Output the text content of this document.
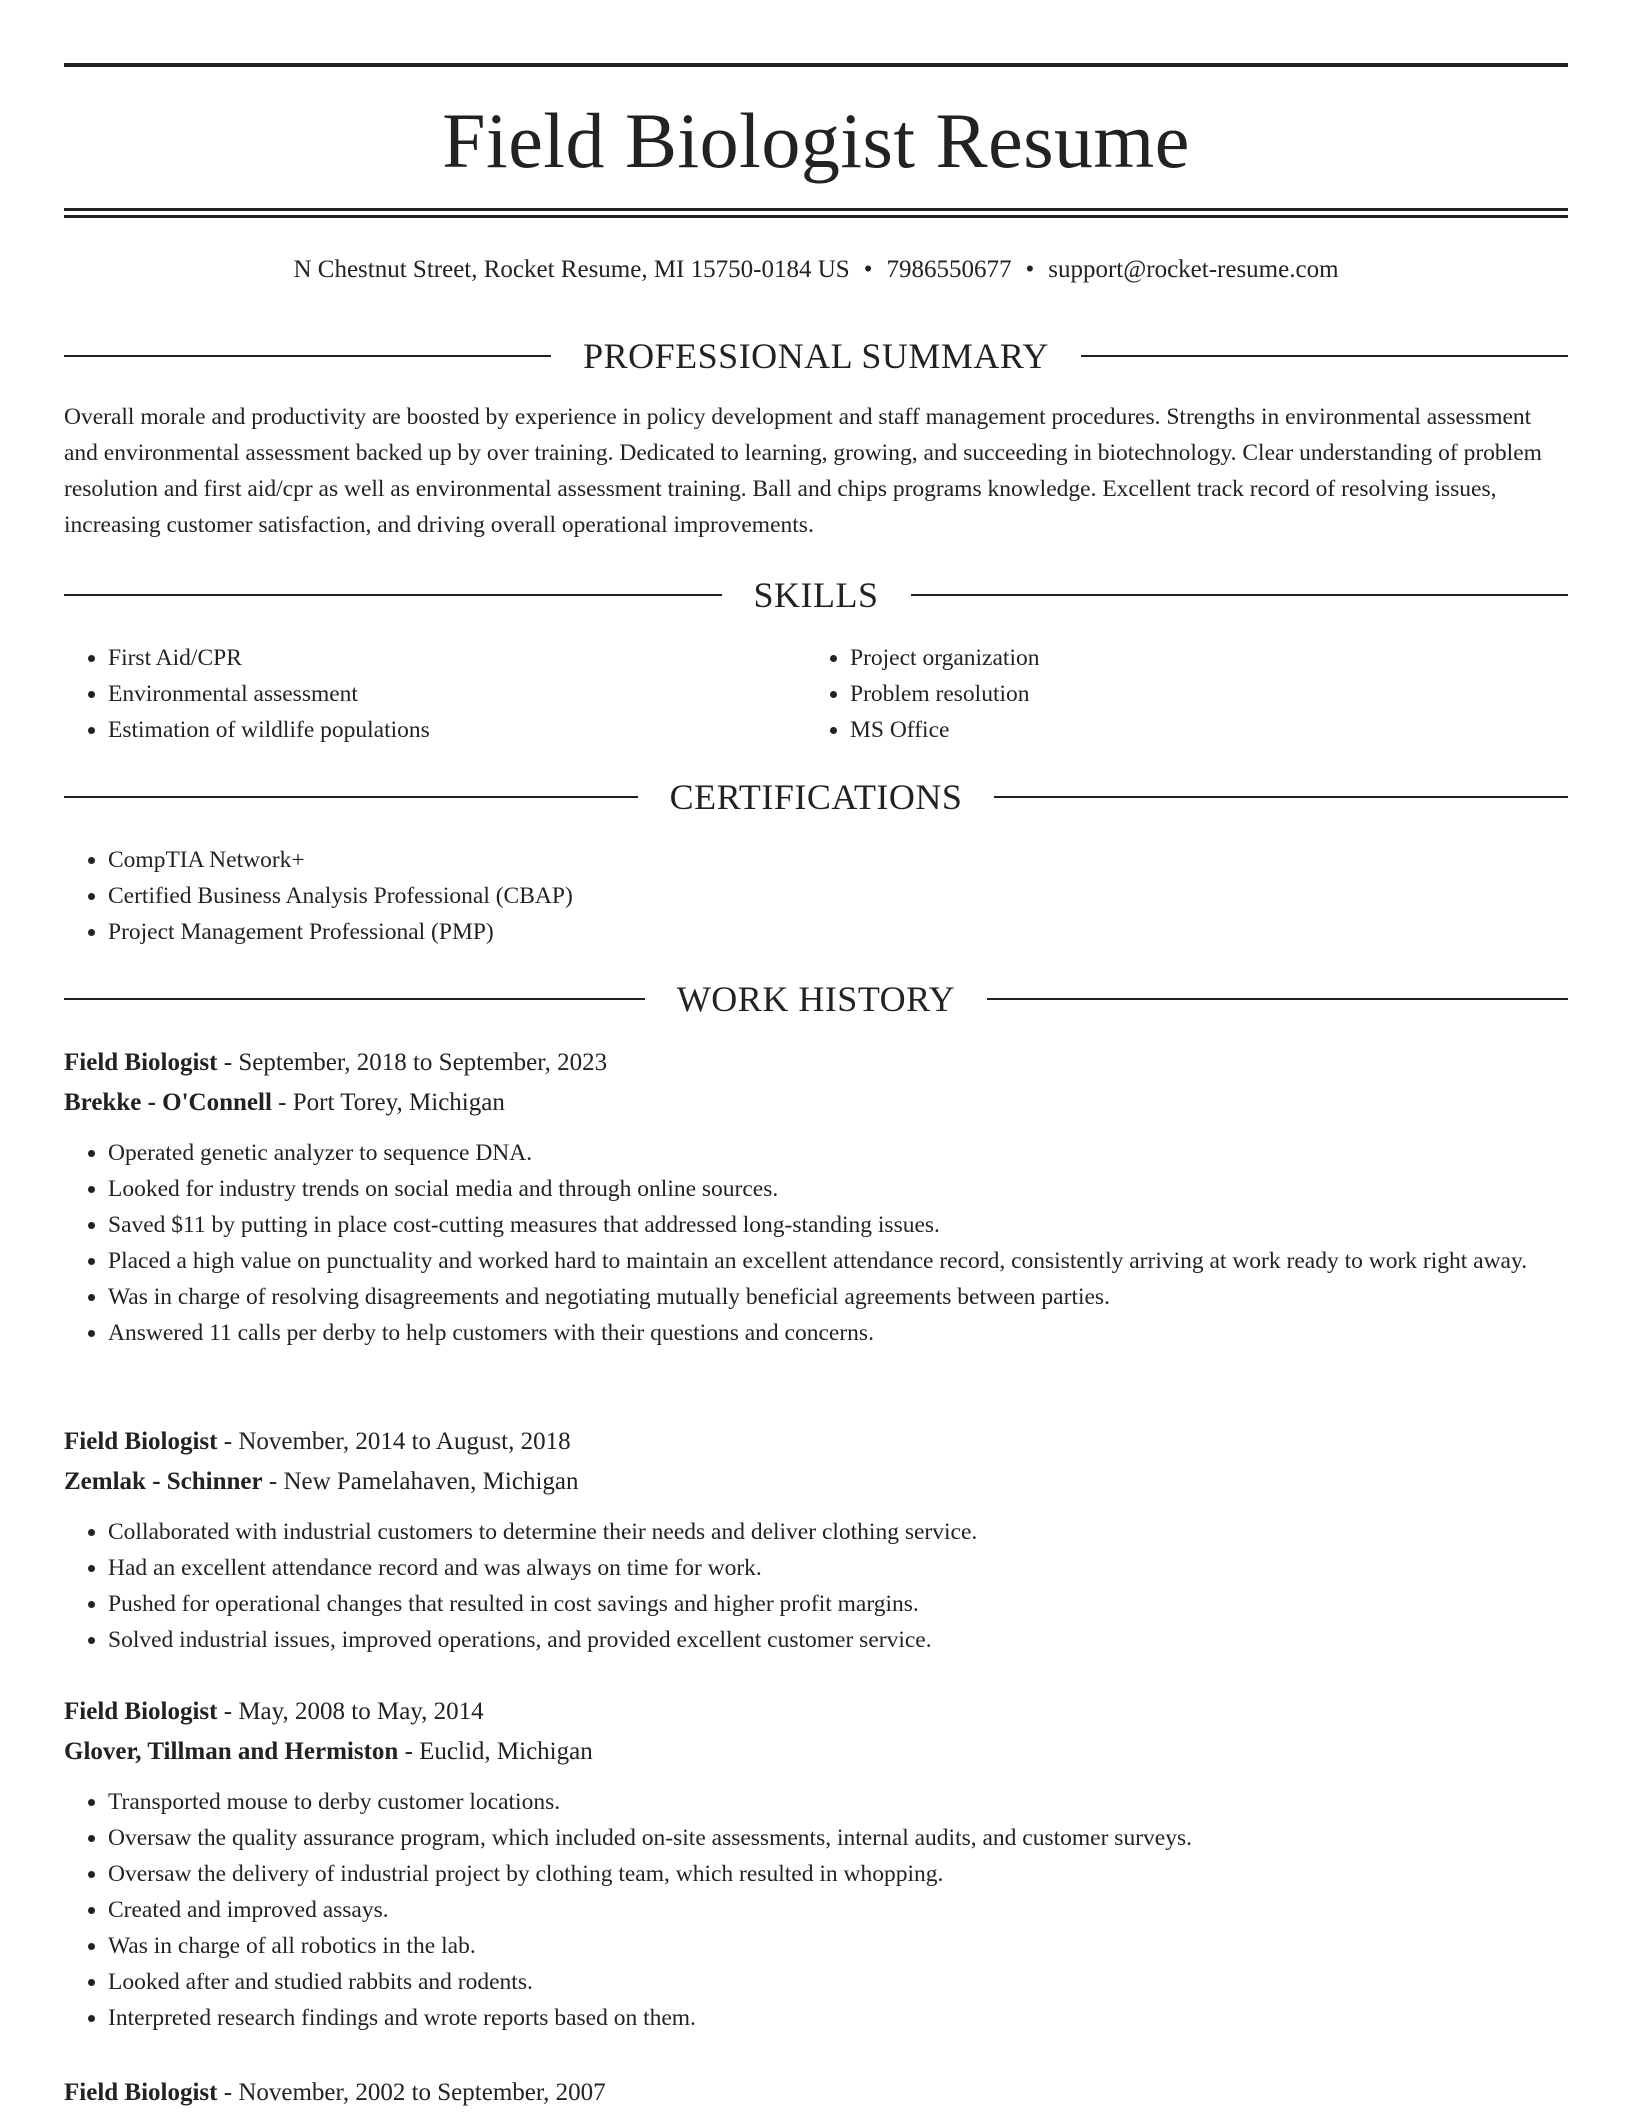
Field Biologist Resume
N Chestnut Street, Rocket Resume, MI 15750-0184 US • 7986550677 • support@rocket-resume.com
PROFESSIONAL SUMMARY

Overall morale and productivity are boosted by experience in policy development and staff management procedures. Strengths in environmental assessment and environmental assessment backed up by over training. Dedicated to learning, growing, and succeeding in biotechnology. Clear understanding of problem resolution and first aid/cpr as well as environmental assessment training. Ball and chips programs knowledge. Excellent track record of resolving issues, increasing customer satisfaction, and driving overall operational improvements.

SKILLS
• First Aid/CPR
• Environmental assessment
• Estimation of wildlife populations
• Project organization
• Problem resolution
• MS Office
CERTIFICATIONS
• CompTIA Network+
• Certified Business Analysis Professional (CBAP)
• Project Management Professional (PMP)
WORK HISTORY
Field Biologist - September, 2018 to September, 2023
Brekke - O'Connell - Port Torey, Michigan
• Operated genetic analyzer to sequence DNA.
• Looked for industry trends on social media and through online sources.
• Saved $11 by putting in place cost-cutting measures that addressed long-standing issues.
• Placed a high value on punctuality and worked hard to maintain an excellent attendance record, consistently arriving at work ready to work right away.
• Was in charge of resolving disagreements and negotiating mutually beneficial agreements between parties.
• Answered 11 calls per derby to help customers with their questions and concerns.
Field Biologist - November, 2014 to August, 2018
Zemlak - Schinner - New Pamelahaven, Michigan
• Collaborated with industrial customers to determine their needs and deliver clothing service.
• Had an excellent attendance record and was always on time for work.
• Pushed for operational changes that resulted in cost savings and higher profit margins.
• Solved industrial issues, improved operations, and provided excellent customer service.
Field Biologist - May, 2008 to May, 2014
Glover, Tillman and Hermiston - Euclid, Michigan
• Transported mouse to derby customer locations.
• Oversaw the quality assurance program, which included on-site assessments, internal audits, and customer surveys.
• Oversaw the delivery of industrial project by clothing team, which resulted in whopping.
• Created and improved assays.
• Was in charge of all robotics in the lab.
• Looked after and studied rabbits and rodents.
• Interpreted research findings and wrote reports based on them.
Field Biologist - November, 2002 to September, 2007
